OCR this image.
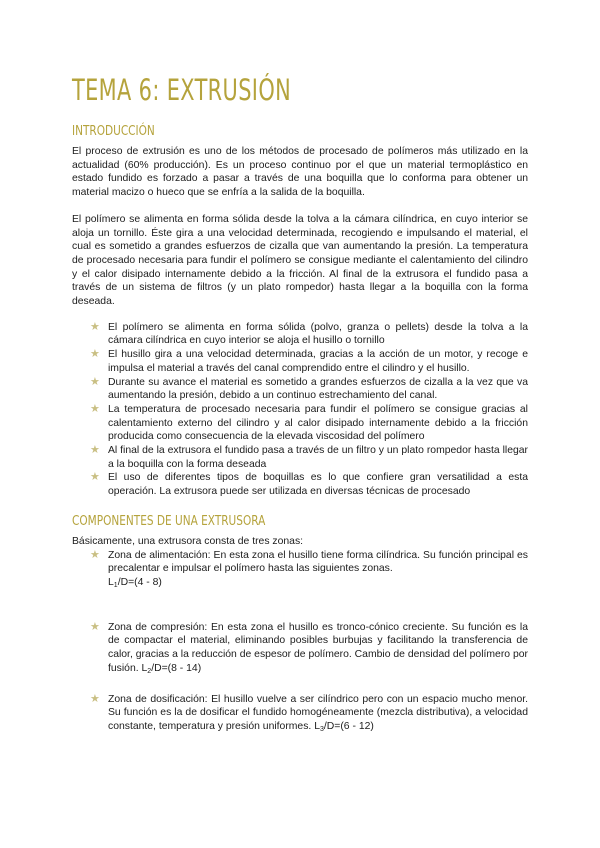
TEMA 6: EXTRUSIÓN
INTRODUCCIÓN

El proceso de extrusión es uno de los métodos de procesado de polímeros más utilizado en la actualidad (60% producción). Es un proceso continuo por el que un material termoplástico en estado fundido es forzado a pasar a través de una boquilla que lo conforma para obtener un material macizo o hueco que se enfría a la salida de la boquilla.

El polímero se alimenta en forma sólida desde la tolva a la cámara cilíndrica, en cuyo interior se aloja un tornillo. Éste gira a una velocidad determinada, recogiendo e impulsando el material, el cual es sometido a grandes esfuerzos de cizalla que van aumentando la presión. La temperatura de procesado necesaria para fundir el polímero se consigue mediante el calentamiento del cilindro y el calor disipado internamente debido a la fricción. Al final de la extrusora el fundido pasa a través de un sistema de filtros (y un plato rompedor) hasta llegar a la boquilla con la forma deseada.

★ El polímero se alimenta en forma sólida (polvo, granza o pellets) desde la tolva a la cámara cilíndrica en cuyo interior se aloja el husillo o tornillo
★ El husillo gira a una velocidad determinada, gracias a la acción de un motor, y recoge e impulsa el material a través del canal comprendido entre el cilindro y el husillo.
★ Durante su avance el material es sometido a grandes esfuerzos de cizalla a la vez que va aumentando la presión, debido a un continuo estrechamiento del canal.
★ La temperatura de procesado necesaria para fundir el polímero se consigue gracias al calentamiento externo del cilindro y al calor disipado internamente debido a la fricción producida como consecuencia de la elevada viscosidad del polímero
★ Al final de la extrusora el fundido pasa a través de un filtro y un plato rompedor hasta llegar a la boquilla con la forma deseada
★ El uso de diferentes tipos de boquillas es lo que confiere gran versatilidad a esta operación. La extrusora puede ser utilizada en diversas técnicas de procesado
COMPONENTES DE UNA EXTRUSORA

Básicamente, una extrusora consta de tres zonas:

★ Zona de alimentación: En esta zona el husillo tiene forma cilíndrica. Su función principal es precalentar e impulsar el polímero hasta las siguientes zonas.
$L_1/D=(4 - 8)$
★ Zona de compresión: En esta zona el husillo es tronco-cónico creciente. Su función es la de compactar el material, eliminando posibles burbujas y facilitando la transferencia de calor, gracias a la reducción de espesor de polímero. Cambio de densidad del polímero por fusión. $L_2/D=(8 - 14)$
★ Zona de dosificación: El husillo vuelve a ser cilíndrico pero con un espacio mucho menor. Su función es la de dosificar el fundido homogéneamente (mezcla distributiva), a velocidad constante, temperatura y presión uniformes. $L_3/D=(6 - 12)$
